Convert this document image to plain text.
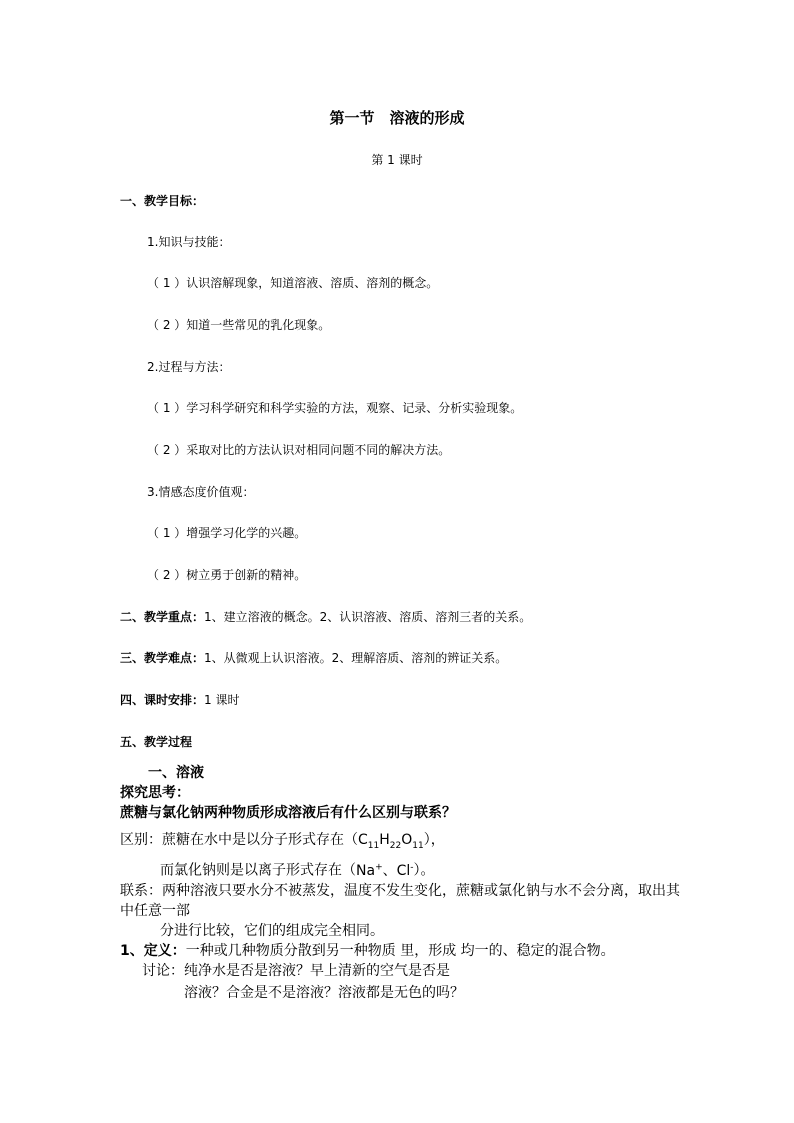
第一节　溶液的形成
第 1 课时
一、教学目标：
1.知识与技能：
（ 1 ）认识溶解现象，知道溶液、溶质、溶剂的概念。
（ 2 ）知道一些常见的乳化现象。
2.过程与方法：
（ 1 ）学习科学研究和科学实验的方法，观察、记录、分析实验现象。
（ 2 ）采取对比的方法认识对相同问题不同的解决方法。
3.情感态度价值观：
（ 1 ）增强学习化学的兴趣。
（ 2 ）树立勇于创新的精神。
二、教学重点：1、建立溶液的概念。2、认识溶液、溶质、溶剂三者的关系。
三、教学难点：1、从微观上认识溶液。2、理解溶质、溶剂的辨证关系。
四、课时安排：1 课时
五、教学过程
一、溶液
探究思考：
蔗糖与氯化钠两种物质形成溶液后有什么区别与联系？
区别：蔗糖在水中是以分子形式存在$(C_{11}H_{22}O_{11})$，
而氯化钠则是以离子形式存在（Na+、Cl-）。
联系：两种溶液只要水分不被蒸发，温度不发生变化，蔗糖或氯化钠与水不会分离，取出其
中任意一部
分进行比较，它们的组成完全相同。
1、定义：一种或几种物质分散到另一种物质 里，形成 均一的、稳定的混合物。
讨论：纯净水是否是溶液？早上清新的空气是否是
溶液？合金是不是溶液？溶液都是无色的吗？
